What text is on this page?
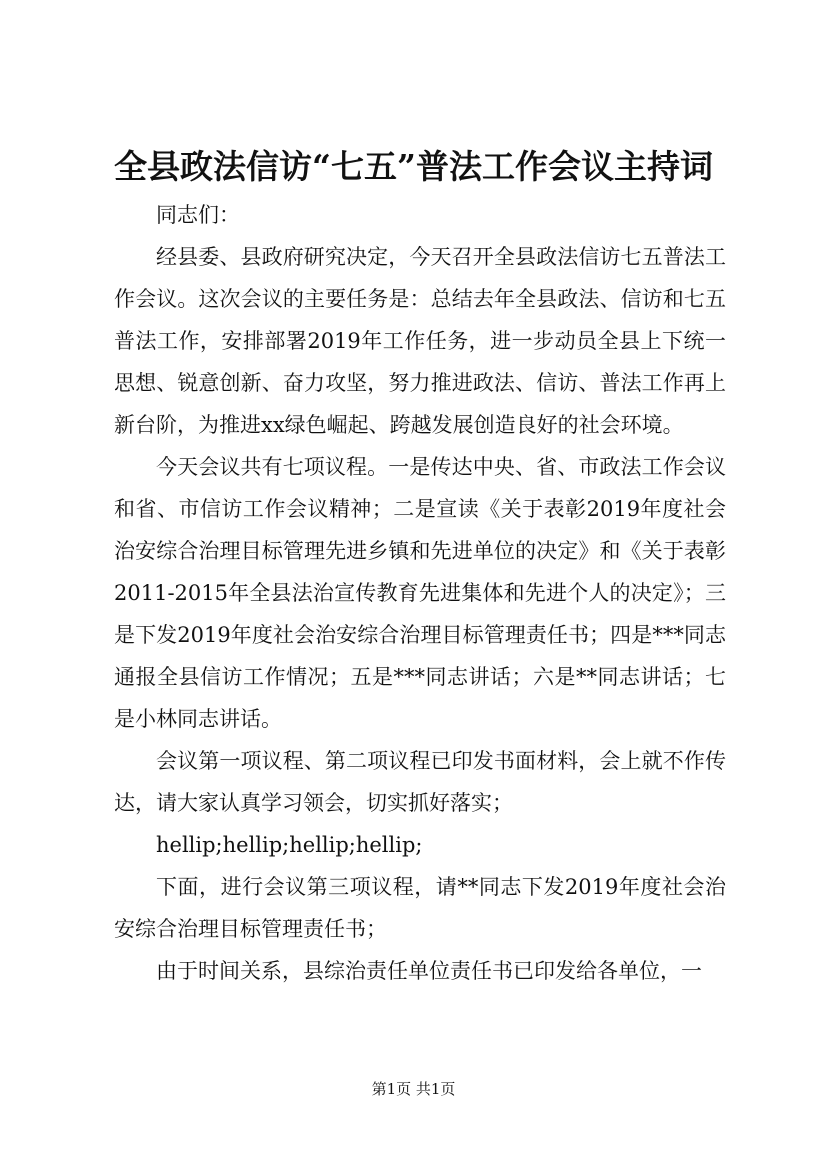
全县政法信访“七五”普法工作会议主持词

同志们：

经县委、县政府研究决定，今天召开全县政法信访七五普法工作会议。这次会议的主要任务是：总结去年全县政法、信访和七五普法工作，安排部署2019年工作任务，进一步动员全县上下统一思想、锐意创新、奋力攻坚，努力推进政法、信访、普法工作再上新台阶，为推进xx绿色崛起、跨越发展创造良好的社会环境。

今天会议共有七项议程。一是传达中央、省、市政法工作会议和省、市信访工作会议精神；二是宣读《关于表彰2019年度社会治安综合治理目标管理先进乡镇和先进单位的决定》和《关于表彰2011-2015年全县法治宣传教育先进集体和先进个人的决定》；三是下发2019年度社会治安综合治理目标管理责任书；四是***同志通报全县信访工作情况；五是***同志讲话；六是**同志讲话；七是小林同志讲话。

会议第一项议程、第二项议程已印发书面材料，会上就不作传达，请大家认真学习领会，切实抓好落实；

hellip;hellip;hellip;hellip;

下面，进行会议第三项议程，请**同志下发2019年度社会治安综合治理目标管理责任书；

由于时间关系，县综治责任单位责任书已印发给各单位，一

第1页 共1页
